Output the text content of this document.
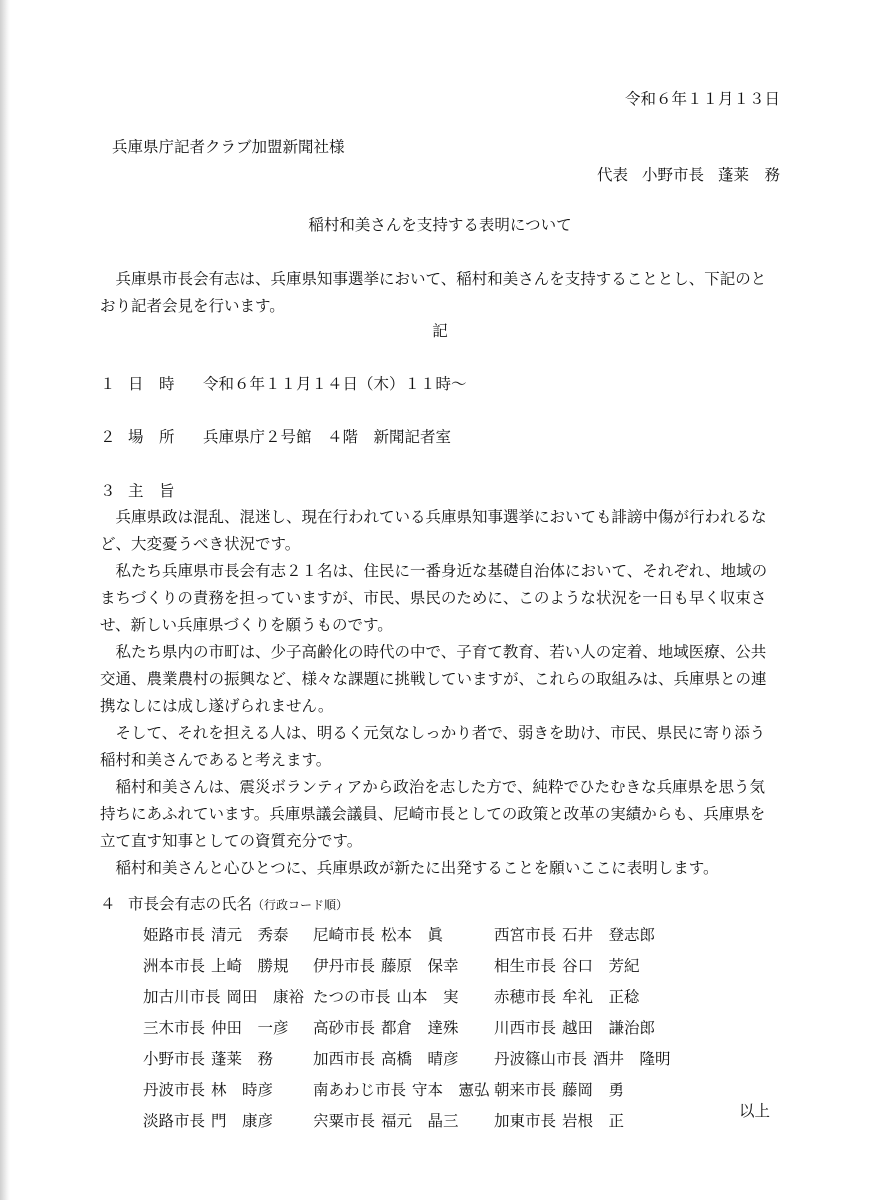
令和６年１１月１３日
兵庫県庁記者クラブ加盟新聞社様
代表 小野市長 蓬莱　務
稲村和美さんを支持する表明について
兵庫県市長会有志は、兵庫県知事選挙において、稲村和美さんを支持することとし、下記のとおり記者会見を行います。
記
１ 日　時 令和６年１１月１４日（木）１１時～
２ 場　所 兵庫県庁２号館　４階　新聞記者室
３ 主　旨

兵庫県政は混乱、混迷し、現在行われている兵庫県知事選挙においても誹謗中傷が行われるなど、大変憂うべき状況です。

私たち兵庫県市長会有志２１名は、住民に一番身近な基礎自治体において、それぞれ、地域のまちづくりの責務を担っていますが、市民、県民のために、このような状況を一日も早く収束させ、新しい兵庫県づくりを願うものです。

私たち県内の市町は、少子高齢化の時代の中で、子育て教育、若い人の定着、地域医療、公共交通、農業農村の振興など、様々な課題に挑戦していますが、これらの取組みは、兵庫県との連携なしには成し遂げられません。

そして、それを担える人は、明るく元気なしっかり者で、弱きを助け、市民、県民に寄り添う稲村和美さんであると考えます。

稲村和美さんは、震災ボランティアから政治を志した方で、純粋でひたむきな兵庫県を思う気持ちにあふれています。兵庫県議会議員、尼崎市長としての政策と改革の実績からも、兵庫県を立て直す知事としての資質充分です。

稲村和美さんと心ひとつに、兵庫県政が新たに出発することを願いここに表明します。

４ 市長会有志の氏名（行政コード順）
姫路市長 清元　秀泰	尼崎市長 松本　眞	西宮市長 石井　登志郎
洲本市長 上崎　勝規	伊丹市長 藤原　保幸	相生市長 谷口　芳紀
加古川市長 岡田　康裕 たつの市長 山本　実	赤穂市長 牟礼　正稔
三木市長 仲田　一彦	高砂市長 都倉　達殊	川西市長 越田　謙治郎
小野市長 蓬莱　務	加西市長 高橋　晴彦	丹波篠山市長 酒井　隆明
丹波市長 林　時彦	南あわじ市長 守本　憲弘 朝来市長 藤岡　勇
淡路市長 門　康彦	宍粟市長 福元　晶三	加東市長 岩根　正
以上
